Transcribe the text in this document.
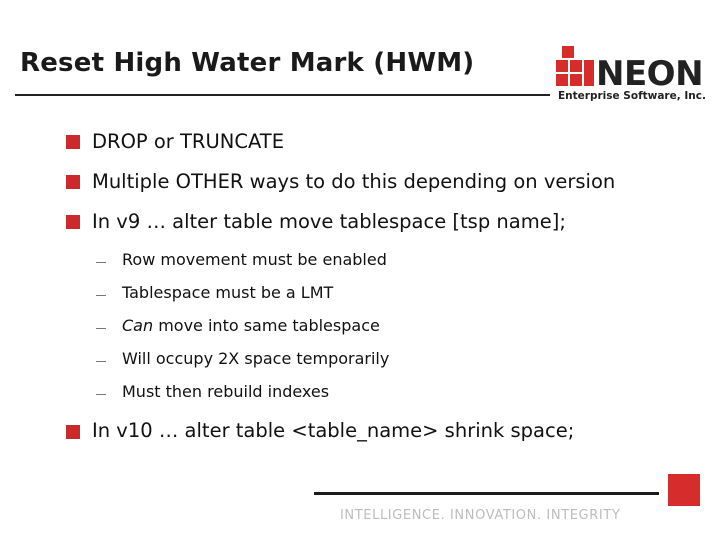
Reset High Water Mark (HWM)	NEON
Enterprise Software, Inc.
DROP or TRUNCATE
Multiple OTHER ways to do this depending on version
In v9 … alter table move tablespace [tsp name];
Row movement must be enabled
Tablespace must be a LMT
Can move into same tablespace
Will occupy 2X space temporarily
Must then rebuild indexes
In v10 … alter table <table_name> shrink space;
INTELLIGENCE. INNOVATION. INTEGRITY
